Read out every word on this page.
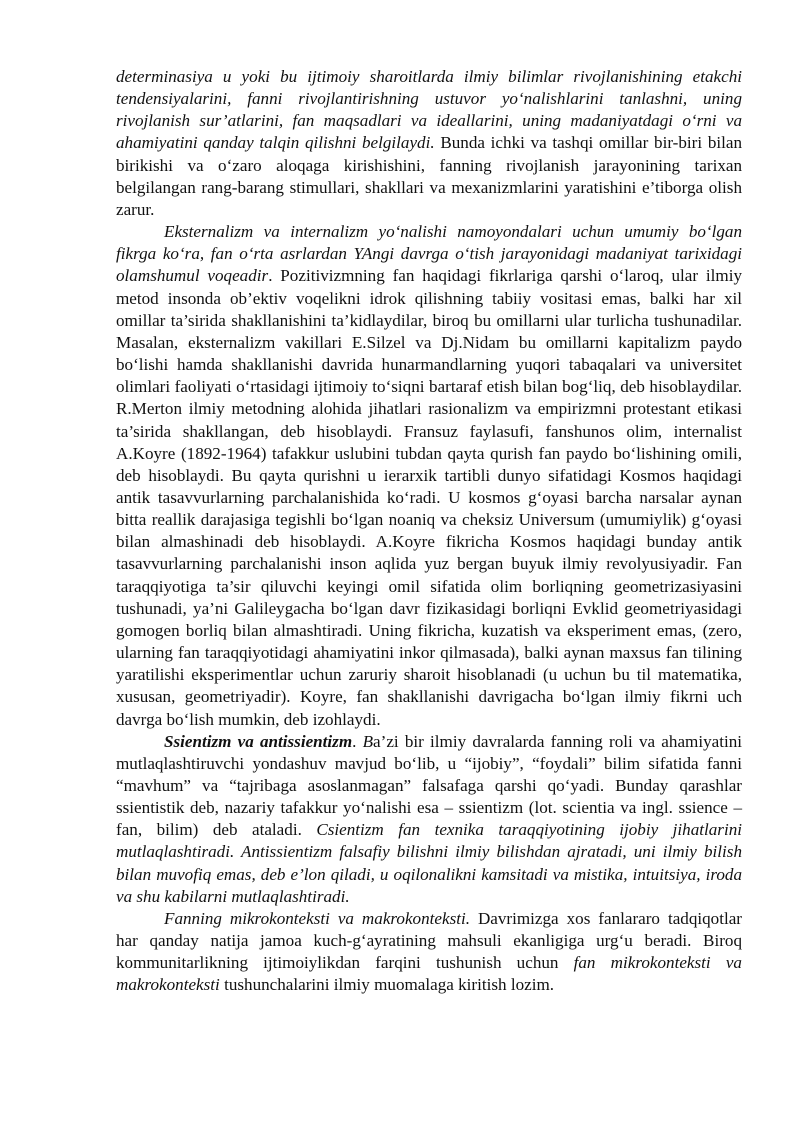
determinasiya u yoki bu ijtimoiy sharoitlarda ilmiy bilimlar rivojlanishining etakchi tendensiyalarini, fanni rivojlantirishning ustuvor yo‘nalishlarini tanlashni, uning rivojlanish sur’atlarini, fan maqsadlari va ideallarini, uning madaniyatdagi o‘rni va ahamiyatini qanday talqin qilishni belgilaydi. Bunda ichki va tashqi omillar bir-biri bilan birikishi va o‘zaro aloqaga kirishishini, fanning rivojlanish jarayonining tarixan belgilangan rang-barang stimullari, shakllari va mexanizmlarini yaratishini e’tiborga olish zarur.

Eksternalizm va internalizm yo‘nalishi namoyondalari uchun umumiy bo‘lgan fikrga ko‘ra, fan o‘rta asrlardan YAngi davrga o‘tish jarayonidagi madaniyat tarixidagi olamshumul voqeadir. Pozitivizmning fan haqidagi fikrlariga qarshi o‘laroq, ular ilmiy metod insonda ob’ektiv voqelikni idrok qilishning tabiiy vositasi emas, balki har xil omillar ta’sirida shakllanishini ta’kidlaydilar, biroq bu omillarni ular turlicha tushunadilar. Masalan, eksternalizm vakillari E.Silzel va Dj.Nidam bu omillarni kapitalizm paydo bo‘lishi hamda shakllanishi davrida hunarmandlarning yuqori tabaqalari va universitet olimlari faoliyati o‘rtasidagi ijtimoiy to‘siqni bartaraf etish bilan bog‘liq, deb hisoblaydilar. R.Merton ilmiy metodning alohida jihatlari rasionalizm va empirizmni protestant etikasi ta’sirida shakllangan, deb hisoblaydi. Fransuz faylasufi, fanshunos olim, internalist A.Koyre (1892-1964) tafakkur uslubini tubdan qayta qurish fan paydo bo‘lishining omili, deb hisoblaydi. Bu qayta qurishni u ierarxik tartibli dunyo sifatidagi Kosmos haqidagi antik tasavvurlarning parchalanishida ko‘radi. U kosmos g‘oyasi barcha narsalar aynan bitta reallik darajasiga tegishli bo‘lgan noaniq va cheksiz Universum (umumiylik) g‘oyasi bilan almashinadi deb hisoblaydi. A.Koyre fikricha Kosmos haqidagi bunday antik tasavvurlarning parchalanishi inson aqlida yuz bergan buyuk ilmiy revolyusiyadir. Fan taraqqiyotiga ta’sir qiluvchi keyingi omil sifatida olim borliqning geometrizasiyasini tushunadi, ya’ni Galileygacha bo‘lgan davr fizikasidagi borliqni Evklid geometriyasidagi gomogen borliq bilan almashtiradi. Uning fikricha, kuzatish va eksperiment emas, (zero, ularning fan taraqqiyotidagi ahamiyatini inkor qilmasada), balki aynan maxsus fan tilining yaratilishi eksperimentlar uchun zaruriy sharoit hisoblanadi (u uchun bu til matematika, xususan, geometriyadir). Koyre, fan shakllanishi davrigacha bo‘lgan ilmiy fikrni uch davrga bo‘lish mumkin, deb izohlaydi.

Ssientizm va antissientizm. Ba’zi bir ilmiy davralarda fanning roli va ahamiyatini mutlaqlashtiruvchi yondashuv mavjud bo‘lib, u “ijobiy”, “foydali” bilim sifatida fanni “mavhum” va “tajribaga asoslanmagan” falsafaga qarshi qo‘yadi. Bunday qarashlar ssientistik deb, nazariy tafakkur yo‘nalishi esa – ssientizm (lot. scientia va ingl. ssience – fan, bilim) deb ataladi. Csientizm fan texnika taraqqiyotining ijobiy jihatlarini mutlaqlashtiradi. Antissientizm falsafiy bilishni ilmiy bilishdan ajratadi, uni ilmiy bilish bilan muvofiq emas, deb e’lon qiladi, u oqilonalikni kamsitadi va mistika, intuitsiya, iroda va shu kabilarni mutlaqlashtiradi.

Fanning mikrokonteksti va makrokonteksti. Davrimizga xos fanlararo tadqiqotlar har qanday natija jamoa kuch-g‘ayratining mahsuli ekanligiga urg‘u beradi. Biroq kommunitarlikning ijtimoiylikdan farqini tushunish uchun fan mikrokonteksti va makrokonteksti tushunchalarini ilmiy muomalaga kiritish lozim.
